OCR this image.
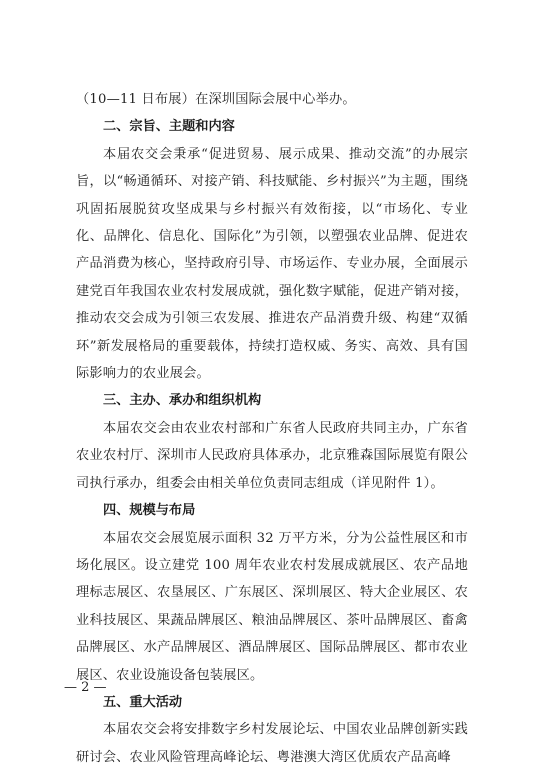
（10—11 日布展）在深圳国际会展中心举办。

二、宗旨、主题和内容

本届农交会秉承“促进贸易、展示成果、推动交流”的办展宗旨，以“畅通循环、对接产销、科技赋能、乡村振兴”为主题，围绕巩固拓展脱贫攻坚成果与乡村振兴有效衔接，以“市场化、专业化、品牌化、信息化、国际化”为引领，以塑强农业品牌、促进农产品消费为核心，坚持政府引导、市场运作、专业办展，全面展示建党百年我国农业农村发展成就，强化数字赋能，促进产销对接，推动农交会成为引领三农发展、推进农产品消费升级、构建“双循环”新发展格局的重要载体，持续打造权威、务实、高效、具有国际影响力的农业展会。

三、主办、承办和组织机构

本届农交会由农业农村部和广东省人民政府共同主办，广东省农业农村厅、深圳市人民政府具体承办，北京雅森国际展览有限公司执行承办，组委会由相关单位负责同志组成（详见附件 1）。

四、规模与布局

本届农交会展览展示面积 32 万平方米，分为公益性展区和市场化展区。设立建党 100 周年农业农村发展成就展区、农产品地理标志展区、农垦展区、广东展区、深圳展区、特大企业展区、农业科技展区、果蔬品牌展区、粮油品牌展区、茶叶品牌展区、畜禽品牌展区、水产品牌展区、酒品牌展区、国际品牌展区、都市农业展区、农业设施设备包装展区。

五、重大活动

本届农交会将安排数字乡村发展论坛、中国农业品牌创新实践研讨会、农业风险管理高峰论坛、粤港澳大湾区优质农产品高峰

— 2 —
